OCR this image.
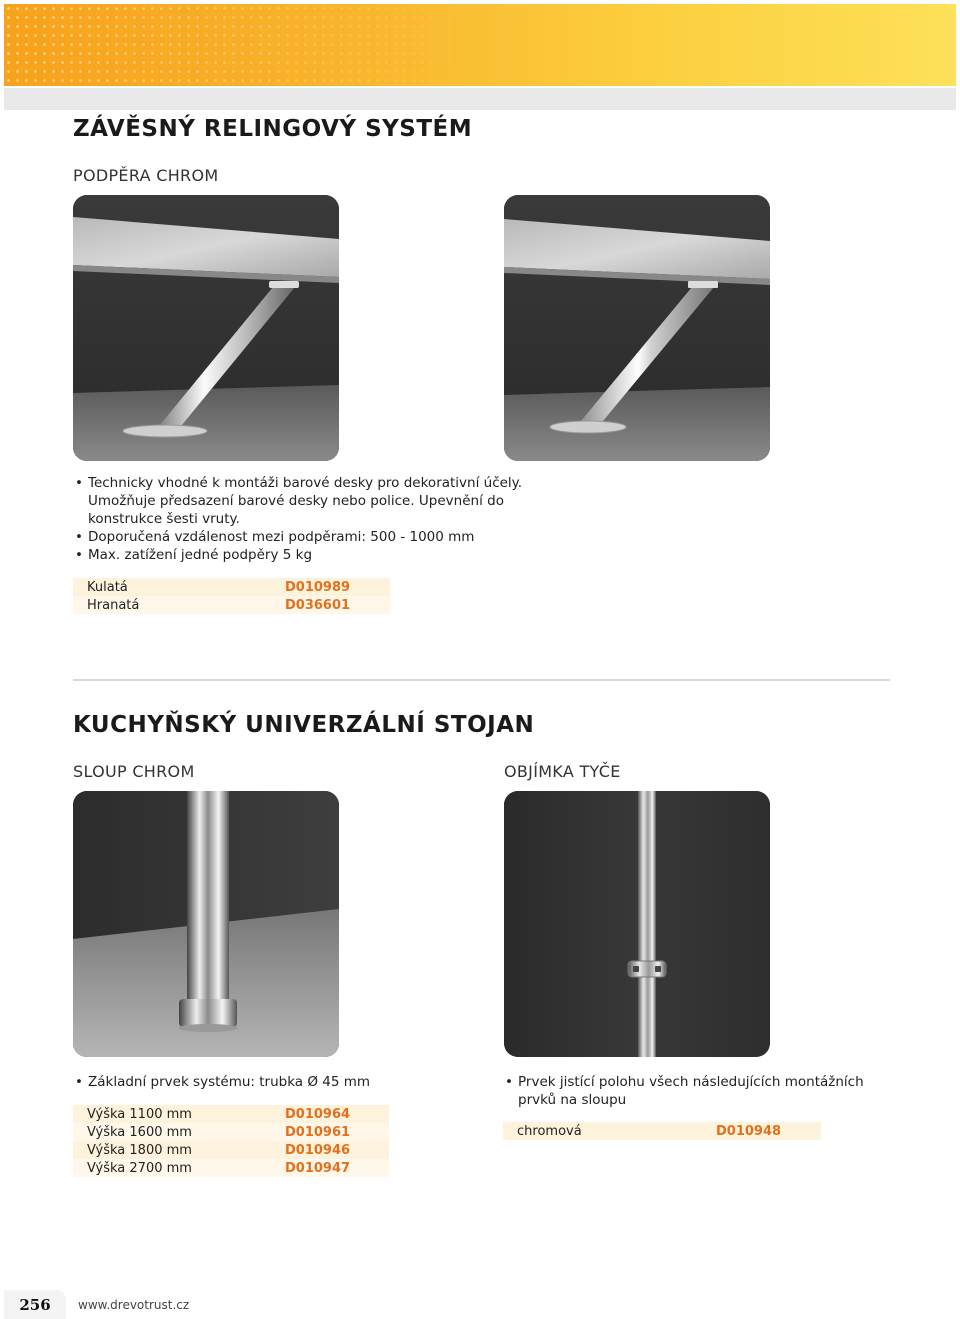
ZÁVĚSNÝ RELINGOVÝ SYSTÉM
PODPĚRA CHROM
• Technicky vhodné k montáži barové desky pro dekorativní účely. Umožňuje předsazení barové desky nebo police. Upevnění do konstrukce šesti vruty.
• Doporučená vzdálenost mezi podpěrami: 500 - 1000 mm
• Max. zatížení jedné podpěry 5 kg
Kulatá	D010989
Hranatá	D036601
KUCHYŇSKÝ UNIVERZÁLNÍ STOJAN
SLOUP CHROM	OBJÍMKA TYČE
• Základní prvek systému: trubka Ø 45 mm
Výška 1100 mm	D010964
Výška 1600 mm	D010961
Výška 1800 mm	D010946
Výška 2700 mm	D010947
• Prvek jistící polohu všech následujících montážních prvků na sloupu
chromová	D010948
256	www.drevotrust.cz
